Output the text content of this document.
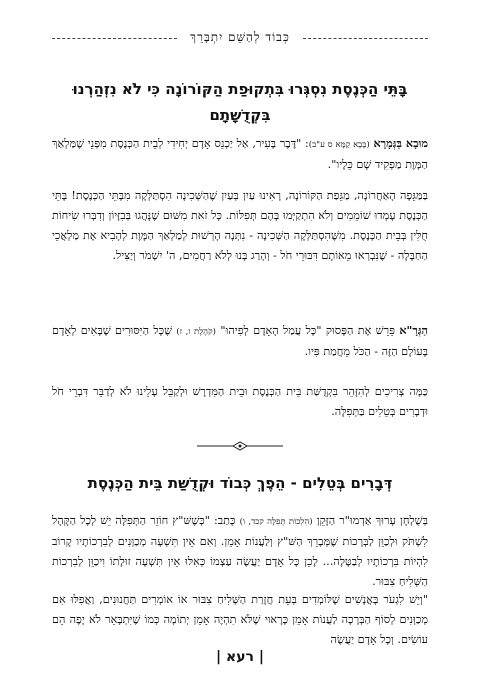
כְּבוֹד לְהַשֵּׁם יִתְבָּרֵךְ
בָּתֵּי הַכְּנֶסֶת נִסְגְּרוּ בִּתְקוּפַת הַקּוֹרוֹנָה כִּי לֹא נִזְהַרְנוּ בִּקְדֻשָּׁתָם
מוּבָא בַּגְּמָרָא (בָּבָא קַמָּא ס ע"ב): "דֶּבֶר בָּעִיר, אַל יַכְנֵס אָדָם יְחִידִי לְבֵית הַכְּנֶסֶת מִפְּנֵי שֶׁמַּלְאַךְ הַמָּוֶת מַפְקִיד שָׁם כֵּלָיו".
בַּמַּגֵּפָה הָאַחֲרוֹנָה, מַגֵּפַת הַקּוֹרוֹנָה, רָאִינוּ עַיִן בְּעַיִן שֶׁהַשְּׁכִינָה הִסְתַּלְּקָה מִבָּתֵּי הַכְּנֶסֶת! בָּתֵּי הַכְּנֶסֶת עָמְדוּ שׁוֹמֵמִים וְלֹא הִתְקַיְּמוּ בָּהֶם תְּפִלּוֹת. כָּל זֹאת מִשּׁוּם שֶׁנָּהֲגוּ בְּבִזָּיוֹן וְדִבְּרוּ שִׂיחוֹת חֻלִּין בְּבֵית הַכְּנֶסֶת. מִשֶּׁהִסְתַּלְּקָה הַשְּׁכִינָה - נִתְּנָה הָרְשׁוּת לְמַלְאַךְ הַמָּוֶת לְהָבִיא אֶת מַלְאֲכֵי הַחַבָּלָה - שֶׁנִּבְרְאוּ מֵאוֹתָם דִּבּוּרֵי חֹל - וְהָרַג בָּנוּ לְלֹא רַחֲמִים, ה' יִשְׁמֹר וְיַצִּיל.
הַגְּרָ"א פֵּרֵשׁ אֶת הַפָּסוּק "כָּל עֲמַל הָאָדָם לְפִיהוּ" (קֹהֶלֶת ו, ז) שֶׁכָּל הַיִּסּוּרִים שֶׁבָּאִים לְאָדָם בָּעוֹלָם הַזֶּה - הַכֹּל מֵחֲמַת פִּיו.
כַּמָּה צְרִיכִים לְהִזָּהֵר בִּקְדֻשַּׁת בֵּית הַכְּנֶסֶת וּבֵית הַמִּדְרָשׁ וּלְקַבֵּל עָלֵינוּ לֹא לְדַבֵּר דִּבְרֵי חֹל וּדְבָרִים בְּטֵלִים בַּתְּפִלָּה.
דְּבָרִים בְּטֵלִים - הֵפֶךְ כְּבוֹד וּקְדֻשַּׁת בֵּית הַכְּנֶסֶת
בְּשֻׁלְחָן עָרוּךְ אַדְמוּ"ר הַזָּקֵן (הִלְכוֹת תְּפִלָּה קכד, ו) כָּתַב: "כְּשֶׁשּׁ"ץ חוֹזֵר הַתְּפִלָּה יֵשׁ לְכָל הַקָּהָל לִשְׁתֹּק וּלְכַוֵּן לַבְּרָכוֹת שֶׁמְּבָרֵךְ הַשּׁ"ץ וְלַעֲנוֹת אָמֵן. וְאִם אֵין תִּשְׁעָה מְכַוְּנִים לְבִרְכוֹתָיו קָרוֹב לִהְיוֹת בִּרְכוֹתָיו לְבַטָּלָה... לָכֵן כָּל אָדָם יַעֲשֶׂה עַצְמוֹ כְּאִלּוּ אֵין תִּשְׁעָה זוּלָתוֹ וִיכַוֵּן לְבִרְכוֹת הַשְּׁלִיחַ צִבּוּר.
"וְיֵשׁ לִגְעֹר בָּאֲנָשִׁים שֶׁלּוֹמְדִים בְּעֵת חֲזָרַת הַשְּׁלִיחַ צִבּוּר אוֹ אוֹמְרִים תַּחֲנוּנִים, וַאֲפִלּוּ אִם מְכַוְּנִים לְסוֹף הַבְּרָכָה לַעֲנוֹת אָמֵן כָּרָאוּי שֶׁלֹּא תִהְיֶה אָמֵן יְתוֹמָה כְּמוֹ שֶׁיִּתְבָּאֵר לֹא יָפֶה הֵם עוֹשִׂים. וְכָל אָדָם יַעֲשֶׂה
| רעא |
